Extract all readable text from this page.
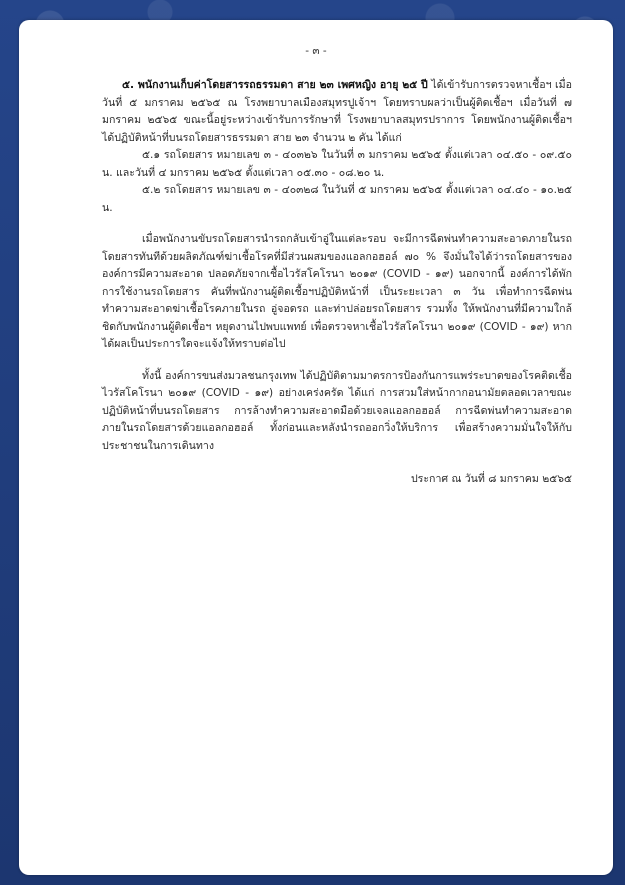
- ๓ -

๕. พนักงานเก็บค่าโดยสารรถธรรมดา สาย ๒๓ เพศหญิง อายุ ๒๕ ปี ได้เข้ารับการตรวจหาเชื้อฯ เมื่อวันที่ ๕ มกราคม ๒๕๖๕ ณ โรงพยาบาลเมืองสมุทรปูเจ้าฯ โดยทราบผลว่าเป็นผู้ติดเชื้อฯ เมื่อวันที่ ๗ มกราคม ๒๕๖๕ ขณะนี้อยู่ระหว่างเข้ารับการรักษาที่ โรงพยาบาลสมุทรปราการ โดยพนักงานผู้ติดเชื้อฯ ได้ปฏิบัติหน้าที่บนรถโดยสารธรรมดา สาย ๒๓ จำนวน ๒ คัน ได้แก่

๕.๑ รถโดยสาร หมายเลข ๓ - ๔๐๓๒๖ ในวันที่ ๓ มกราคม ๒๕๖๕ ตั้งแต่เวลา ๐๔.๕๐ - ๐๙.๕๐ น. และวันที่ ๔ มกราคม ๒๕๖๕ ตั้งแต่เวลา ๐๕.๓๐ - ๐๘.๒๐ น.

๕.๒ รถโดยสาร หมายเลข ๓ - ๔๐๓๒๘ ในวันที่ ๕ มกราคม ๒๕๖๕ ตั้งแต่เวลา ๐๔.๔๐ - ๑๐.๒๕ น.

เมื่อพนักงานขับรถโดยสารนำรถกลับเข้าอู่ในแต่ละรอบ จะมีการฉีดพ่นทำความสะอาดภายในรถโดยสารทันทีด้วยผลิตภัณฑ์ฆ่าเชื้อโรคที่มีส่วนผสมของแอลกอฮอล์ ๗๐ % จึงมั่นใจได้ว่ารถโดยสารขององค์การมีความสะอาด ปลอดภัยจากเชื้อไวรัสโคโรนา ๒๐๑๙ (COVID - ๑๙) นอกจากนี้ องค์การได้พักการใช้งานรถโดยสาร คันที่พนักงานผู้ติดเชื้อฯปฏิบัติหน้าที่ เป็นระยะเวลา ๓ วัน เพื่อทำการฉีดพ่นทำความสะอาดฆ่าเชื้อโรคภายในรถ อู่จอดรถ และท่าปล่อยรถโดยสาร รวมทั้ง ให้พนักงานที่มีความใกล้ชิดกับพนักงานผู้ติดเชื้อฯ หยุดงานไปพบแพทย์ เพื่อตรวจหาเชื้อไวรัสโคโรนา ๒๐๑๙ (COVID - ๑๙) หากได้ผลเป็นประการใดจะแจ้งให้ทราบต่อไป

ทั้งนี้ องค์การขนส่งมวลชนกรุงเทพ ได้ปฏิบัติตามมาตรการป้องกันการแพร่ระบาดของโรคติดเชื้อไวรัสโคโรนา ๒๐๑๙ (COVID - ๑๙) อย่างเคร่งครัด ได้แก่ การสวมใส่หน้ากากอนามัยตลอดเวลาขณะปฏิบัติหน้าที่บนรถโดยสาร การล้างทำความสะอาดมือด้วยเจลแอลกอฮอล์ การฉีดพ่นทำความสะอาดภายในรถโดยสารด้วยแอลกอฮอล์ ทั้งก่อนและหลังนำรถออกวิ่งให้บริการ เพื่อสร้างความมั่นใจให้กับประชาชนในการเดินทาง

ประกาศ ณ วันที่ ๘ มกราคม ๒๕๖๕
